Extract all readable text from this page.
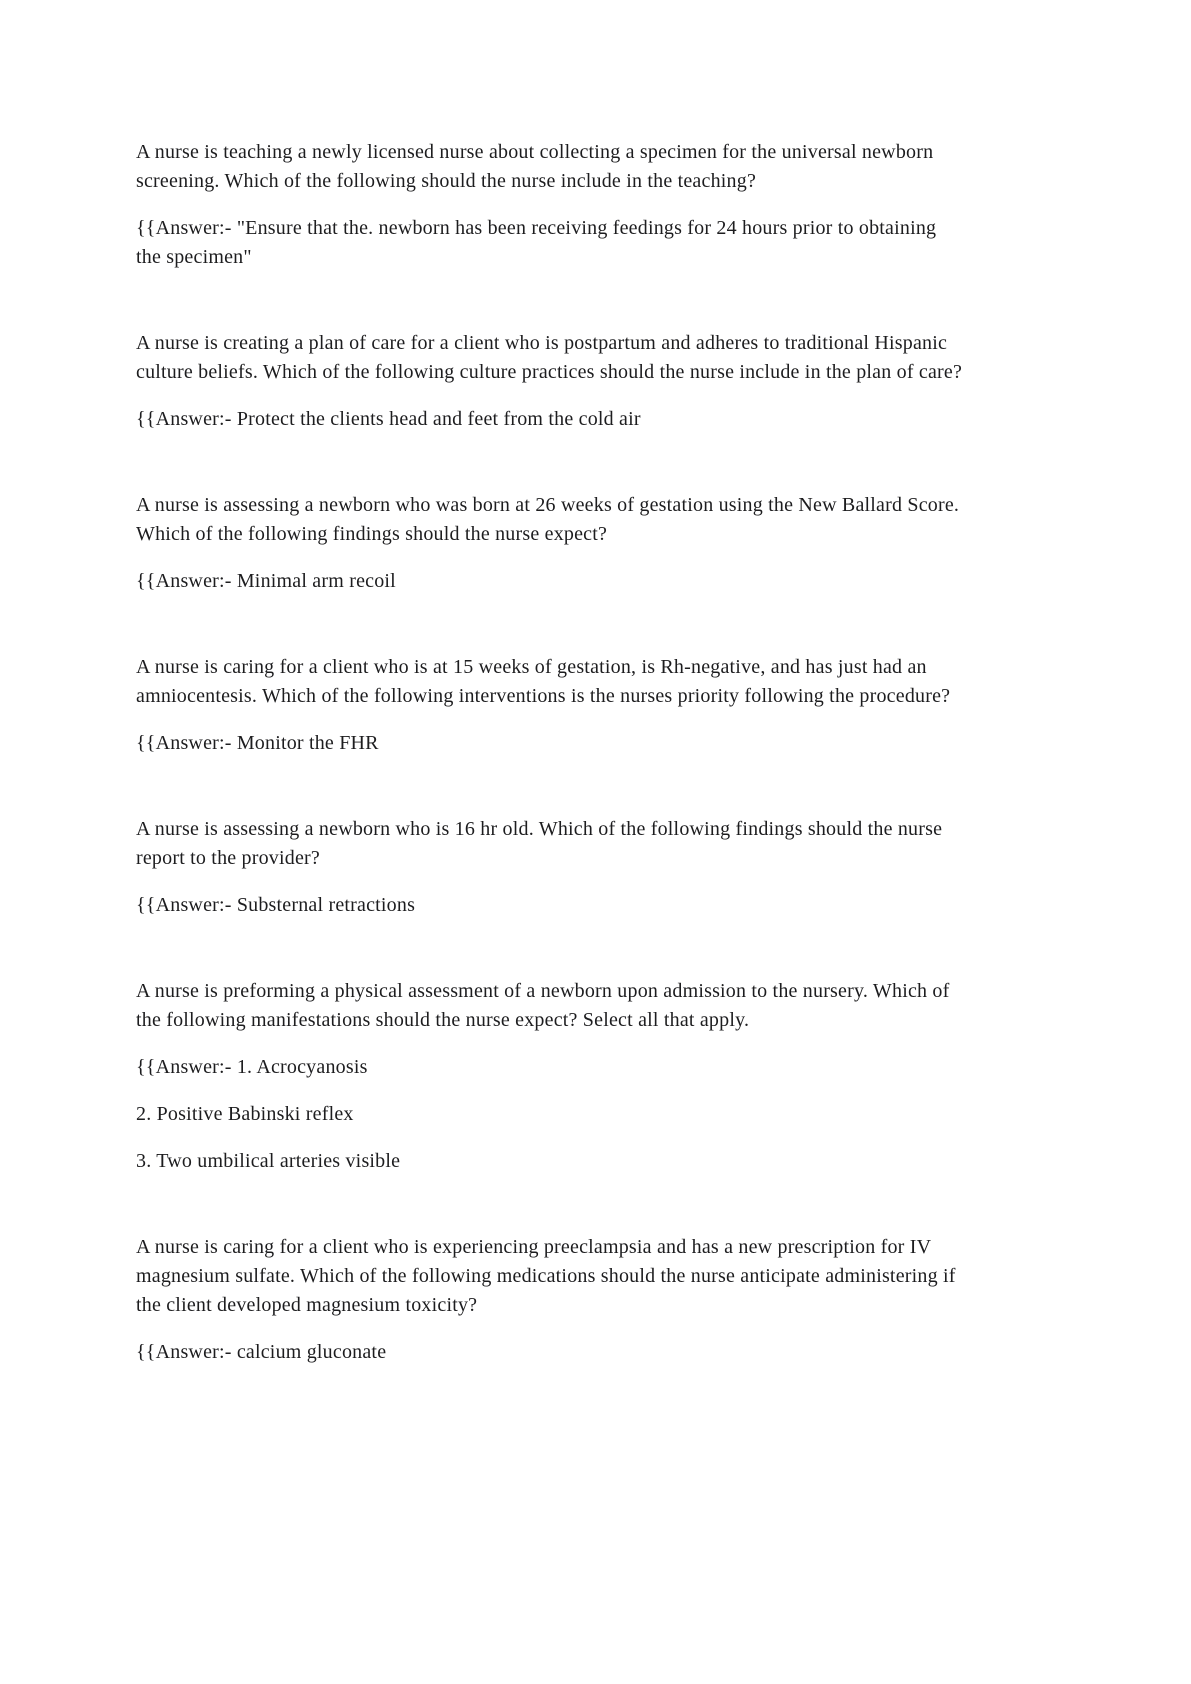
A nurse is teaching a newly licensed nurse about collecting a specimen for the universal newborn screening. Which of the following should the nurse include in the teaching?

{{Answer:- "Ensure that the. newborn has been receiving feedings for 24 hours prior to obtaining the specimen"

A nurse is creating a plan of care for a client who is postpartum and adheres to traditional Hispanic culture beliefs. Which of the following culture practices should the nurse include in the plan of care?

{{Answer:- Protect the clients head and feet from the cold air

A nurse is assessing a newborn who was born at 26 weeks of gestation using the New Ballard Score. Which of the following findings should the nurse expect?

{{Answer:- Minimal arm recoil

A nurse is caring for a client who is at 15 weeks of gestation, is Rh-negative, and has just had an amniocentesis. Which of the following interventions is the nurses priority following the procedure?

{{Answer:- Monitor the FHR

A nurse is assessing a newborn who is 16 hr old. Which of the following findings should the nurse report to the provider?

{{Answer:- Substernal retractions

A nurse is preforming a physical assessment of a newborn upon admission to the nursery. Which of the following manifestations should the nurse expect? Select all that apply.

{{Answer:- 1. Acrocyanosis

2. Positive Babinski reflex

3. Two umbilical arteries visible

A nurse is caring for a client who is experiencing preeclampsia and has a new prescription for IV magnesium sulfate. Which of the following medications should the nurse anticipate administering if the client developed magnesium toxicity?

{{Answer:- calcium gluconate
